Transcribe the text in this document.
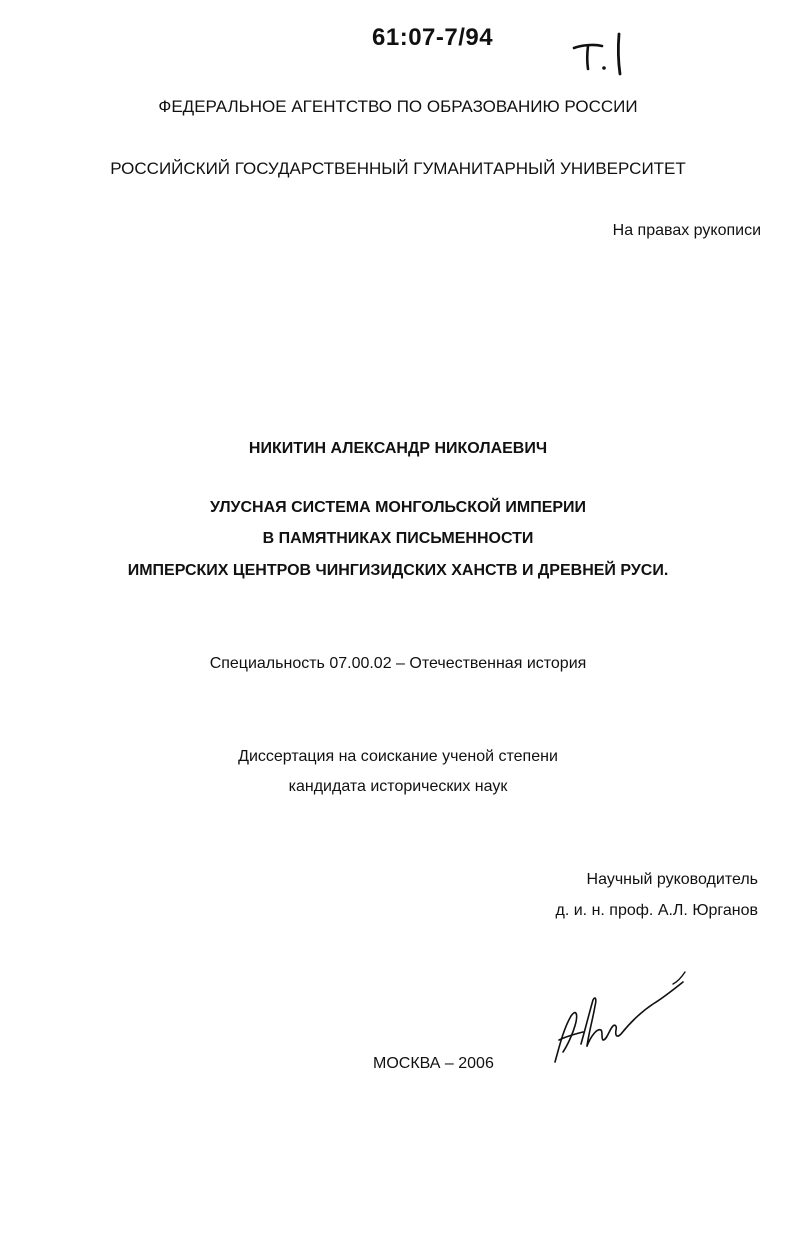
61:07-7/94
ФЕДЕРАЛЬНОЕ АГЕНТСТВО ПО ОБРАЗОВАНИЮ РОССИИ
РОССИЙСКИЙ ГОСУДАРСТВЕННЫЙ ГУМАНИТАРНЫЙ УНИВЕРСИТЕТ
На правах рукописи
НИКИТИН АЛЕКСАНДР НИКОЛАЕВИЧ
УЛУСНАЯ СИСТЕМА МОНГОЛЬСКОЙ ИМПЕРИИ
В ПАМЯТНИКАХ ПИСЬМЕННОСТИ
ИМПЕРСКИХ ЦЕНТРОВ ЧИНГИЗИДСКИХ ХАНСТВ И ДРЕВНЕЙ РУСИ.
Специальность 07.00.02 – Отечественная история
Диссертация на соискание ученой степени
кандидата исторических наук
Научный руководитель
д. и. н. проф. А.Л. Юрганов
МОСКВА – 2006
